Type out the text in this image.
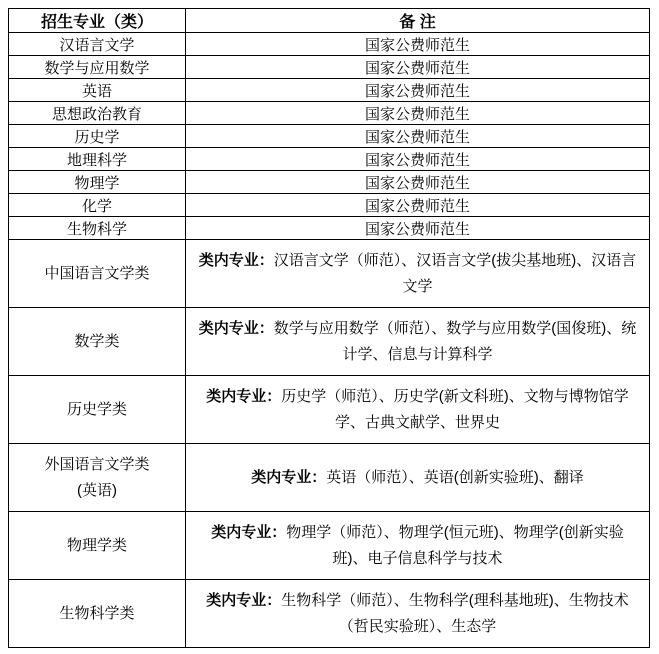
招生专业（类）	备 注
汉语言文学	国家公费师范生
数学与应用数学	国家公费师范生
英语	国家公费师范生
思想政治教育	国家公费师范生
历史学	国家公费师范生
地理科学	国家公费师范生
物理学	国家公费师范生
化学	国家公费师范生
生物科学	国家公费师范生

中国语言文学类	类内专业：汉语言文学（师范）、汉语言文学(拔尖基地班)、汉语言文学

数学类	类内专业：数学与应用数学（师范）、数学与应用数学(国俊班)、统计学、信息与计算科学

历史学类	类内专业：历史学（师范）、历史学(新文科班)、文物与博物馆学学、古典文献学、世界史

外国语言文学类
(英语)	类内专业：英语（师范）、英语(创新实验班)、翻译

物理学类	类内专业：物理学（师范）、物理学(恒元班)、物理学(创新实验班)、电子信息科学与技术

生物科学类	类内专业：生物科学（师范）、生物科学(理科基地班)、生物技术（哲民实验班）、生态学
